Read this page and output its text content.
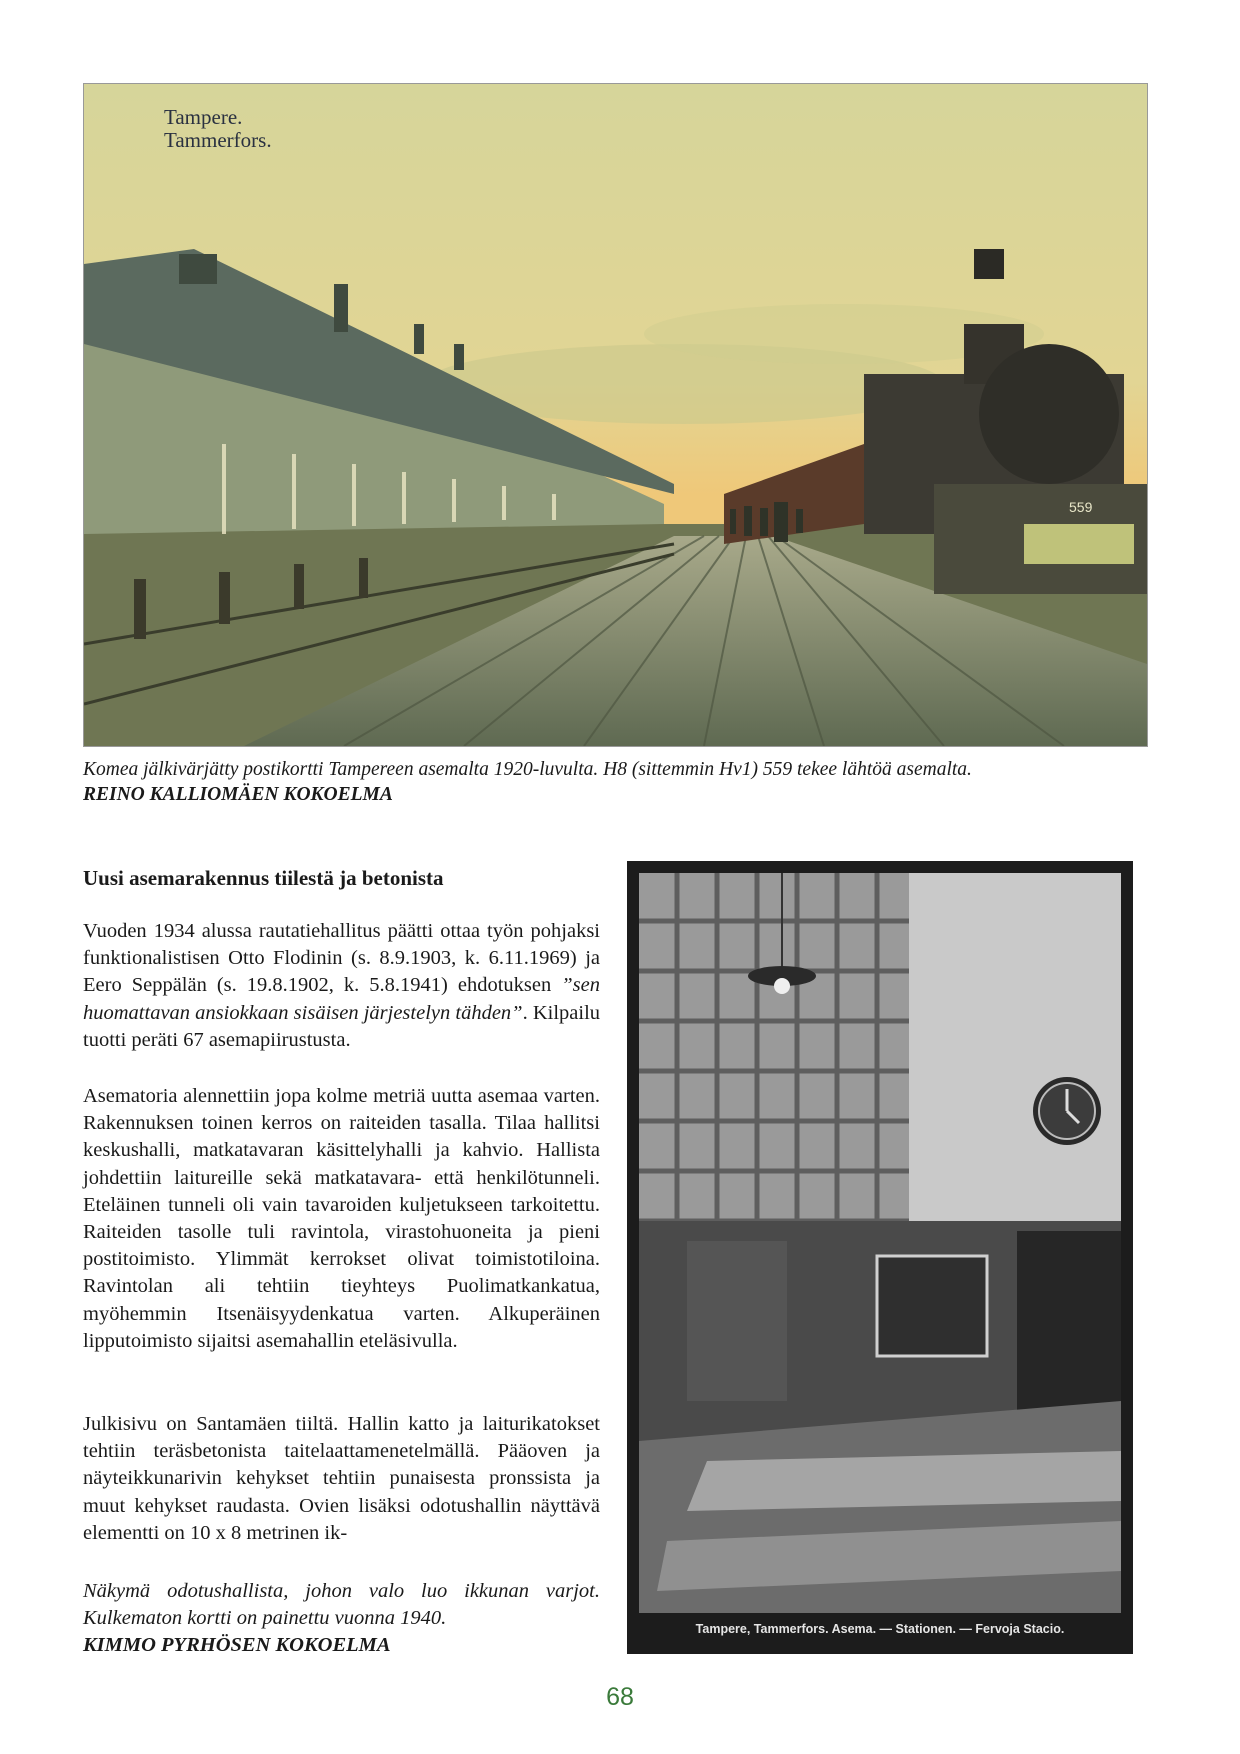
559
Tampere.
Tammerfors.
Komea jälkivärjätty postikortti Tampereen asemalta 1920-luvulta. H8 (sittemmin Hv1) 559 tekee lähtöä asemalta.
REINO KALLIOMÄEN KOKOELMA
Uusi asemarakennus tiilestä ja betonista
Vuoden 1934 alussa rautatiehallitus päätti ottaa työn pohjaksi funktionalistisen Otto Flodinin (s. 8.9.1903, k. 6.11.1969) ja Eero Seppälän (s. 19.8.1902, k. 5.8.1941) ehdotuksen ”sen huomattavan ansiokkaan sisäisen järjestelyn tähden”. Kilpailu tuotti peräti 67 asemapiirustusta.
Asematoria alennettiin jopa kolme metriä uutta asemaa varten. Rakennuksen toinen kerros on raiteiden tasalla. Tilaa hallitsi keskushalli, matkatavaran käsittelyhalli ja kahvio. Hallista johdettiin laitureille sekä matkatavara- että henkilötunneli. Eteläinen tunneli oli vain tavaroiden kuljetukseen tarkoitettu. Raiteiden tasolle tuli ravintola, virastohuoneita ja pieni postitoimisto. Ylimmät kerrokset olivat toimistotiloina. Ravintolan ali tehtiin tieyhteys Puolimatkankatua, myöhemmin Itsenäisyydenkatua varten. Alkuperäinen lipputoimisto sijaitsi asemahallin eteläsivulla.
Julkisivu on Santamäen tiiltä. Hallin katto ja laiturikatokset tehtiin teräsbetonista taitelaattamenetelmällä. Pääoven ja näyteikkunarivin kehykset tehtiin punaisesta pronssista ja muut kehykset raudasta. Ovien lisäksi odotushallin näyttävä elementti on 10 x 8 metrinen ik-
Näkymä odotushallista, johon valo luo ikkunan varjot. Kulkematon kortti on painettu vuonna 1940.
KIMMO PYRHÖSEN KOKOELMA
Tampere, Tammerfors. Asema. — Stationen. — Fervoja Stacio.
68
